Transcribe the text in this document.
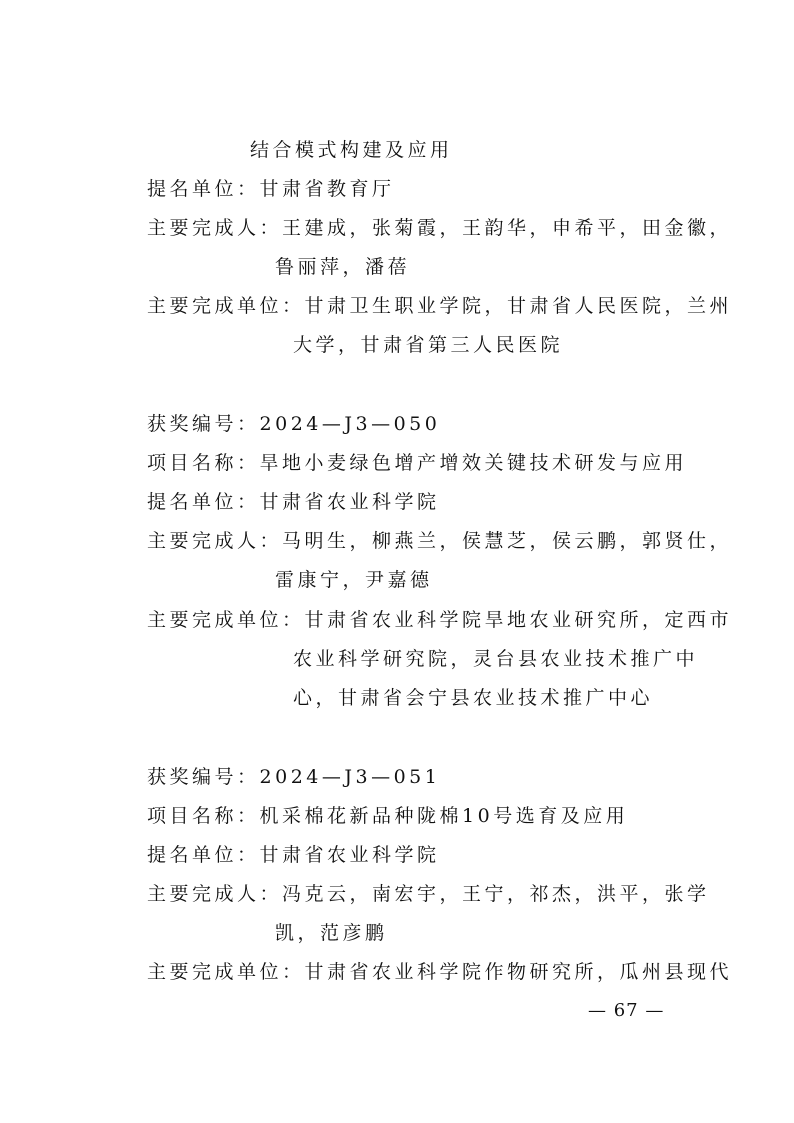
结合模式构建及应用
提名单位：甘肃省教育厅
主要完成人：王建成，张菊霞，王韵华，申希平，田金徽，
鲁丽萍，潘蓓
主要完成单位：甘肃卫生职业学院，甘肃省人民医院，兰州
大学，甘肃省第三人民医院
获奖编号：2024—J3—050
项目名称：旱地小麦绿色增产增效关键技术研发与应用
提名单位：甘肃省农业科学院
主要完成人：马明生，柳燕兰，侯慧芝，侯云鹏，郭贤仕，
雷康宁，尹嘉德
主要完成单位：甘肃省农业科学院旱地农业研究所，定西市
农业科学研究院，灵台县农业技术推广中
心，甘肃省会宁县农业技术推广中心
获奖编号：2024—J3—051
项目名称：机采棉花新品种陇棉10号选育及应用
提名单位：甘肃省农业科学院
主要完成人：冯克云，南宏宇，王宁，祁杰，洪平，张学
凯，范彦鹏
主要完成单位：甘肃省农业科学院作物研究所，瓜州县现代
— 67 —
